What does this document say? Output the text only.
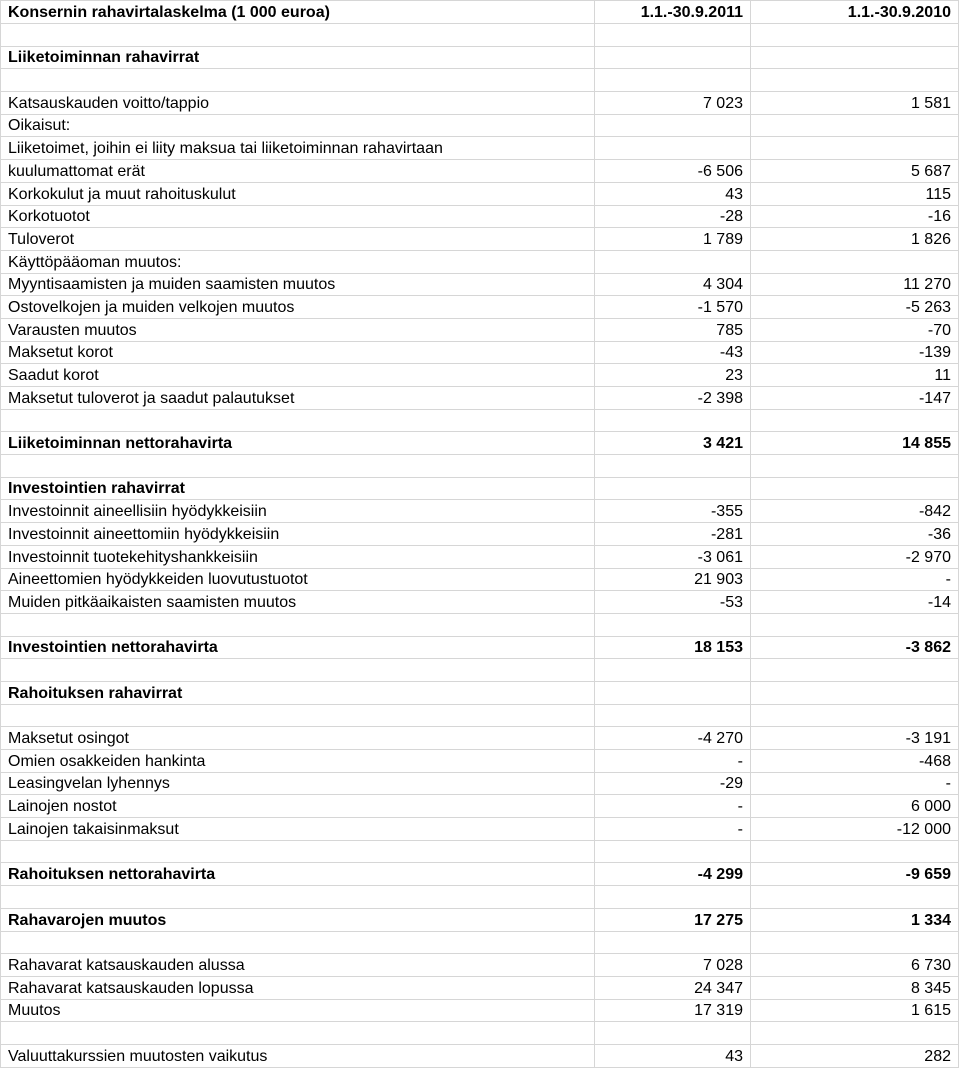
Konsernin rahavirtalaskelma (1 000 euroa)	1.1.-30.9.2011	1.1.-30.9.2010

Liiketoiminnan rahavirrat		

Katsauskauden voitto/tappio	7 023	1 581
Oikaisut:		
Liiketoimet, joihin ei liity maksua tai liiketoiminnan rahavirtaan		
kuulumattomat erät	-6 506	5 687
Korkokulut ja muut rahoituskulut	43	115
Korkotuotot	-28	-16
Tuloverot	1 789	1 826
Käyttöpääoman muutos:		
Myyntisaamisten ja muiden saamisten muutos	4 304	11 270
Ostovelkojen ja muiden velkojen muutos	-1 570	-5 263
Varausten muutos	785	-70
Maksetut korot	-43	-139
Saadut korot	23	11
Maksetut tuloverot ja saadut palautukset	-2 398	-147

Liiketoiminnan nettorahavirta	3 421	14 855

Investointien rahavirrat		
Investoinnit aineellisiin hyödykkeisiin	-355	-842
Investoinnit aineettomiin hyödykkeisiin	-281	-36
Investoinnit tuotekehityshankkeisiin	-3 061	-2 970
Aineettomien hyödykkeiden luovutustuotot	21 903	-
Muiden pitkäaikaisten saamisten muutos	-53	-14

Investointien nettorahavirta	18 153	-3 862

Rahoituksen rahavirrat		

Maksetut osingot	-4 270	-3 191
Omien osakkeiden hankinta	-	-468
Leasingvelan lyhennys	-29	-
Lainojen nostot	-	6 000
Lainojen takaisinmaksut	-	-12 000

Rahoituksen nettorahavirta	-4 299	-9 659

Rahavarojen muutos	17 275	1 334

Rahavarat katsauskauden alussa	7 028	6 730
Rahavarat katsauskauden lopussa	24 347	8 345
Muutos	17 319	1 615

Valuuttakurssien muutosten vaikutus	43	282
